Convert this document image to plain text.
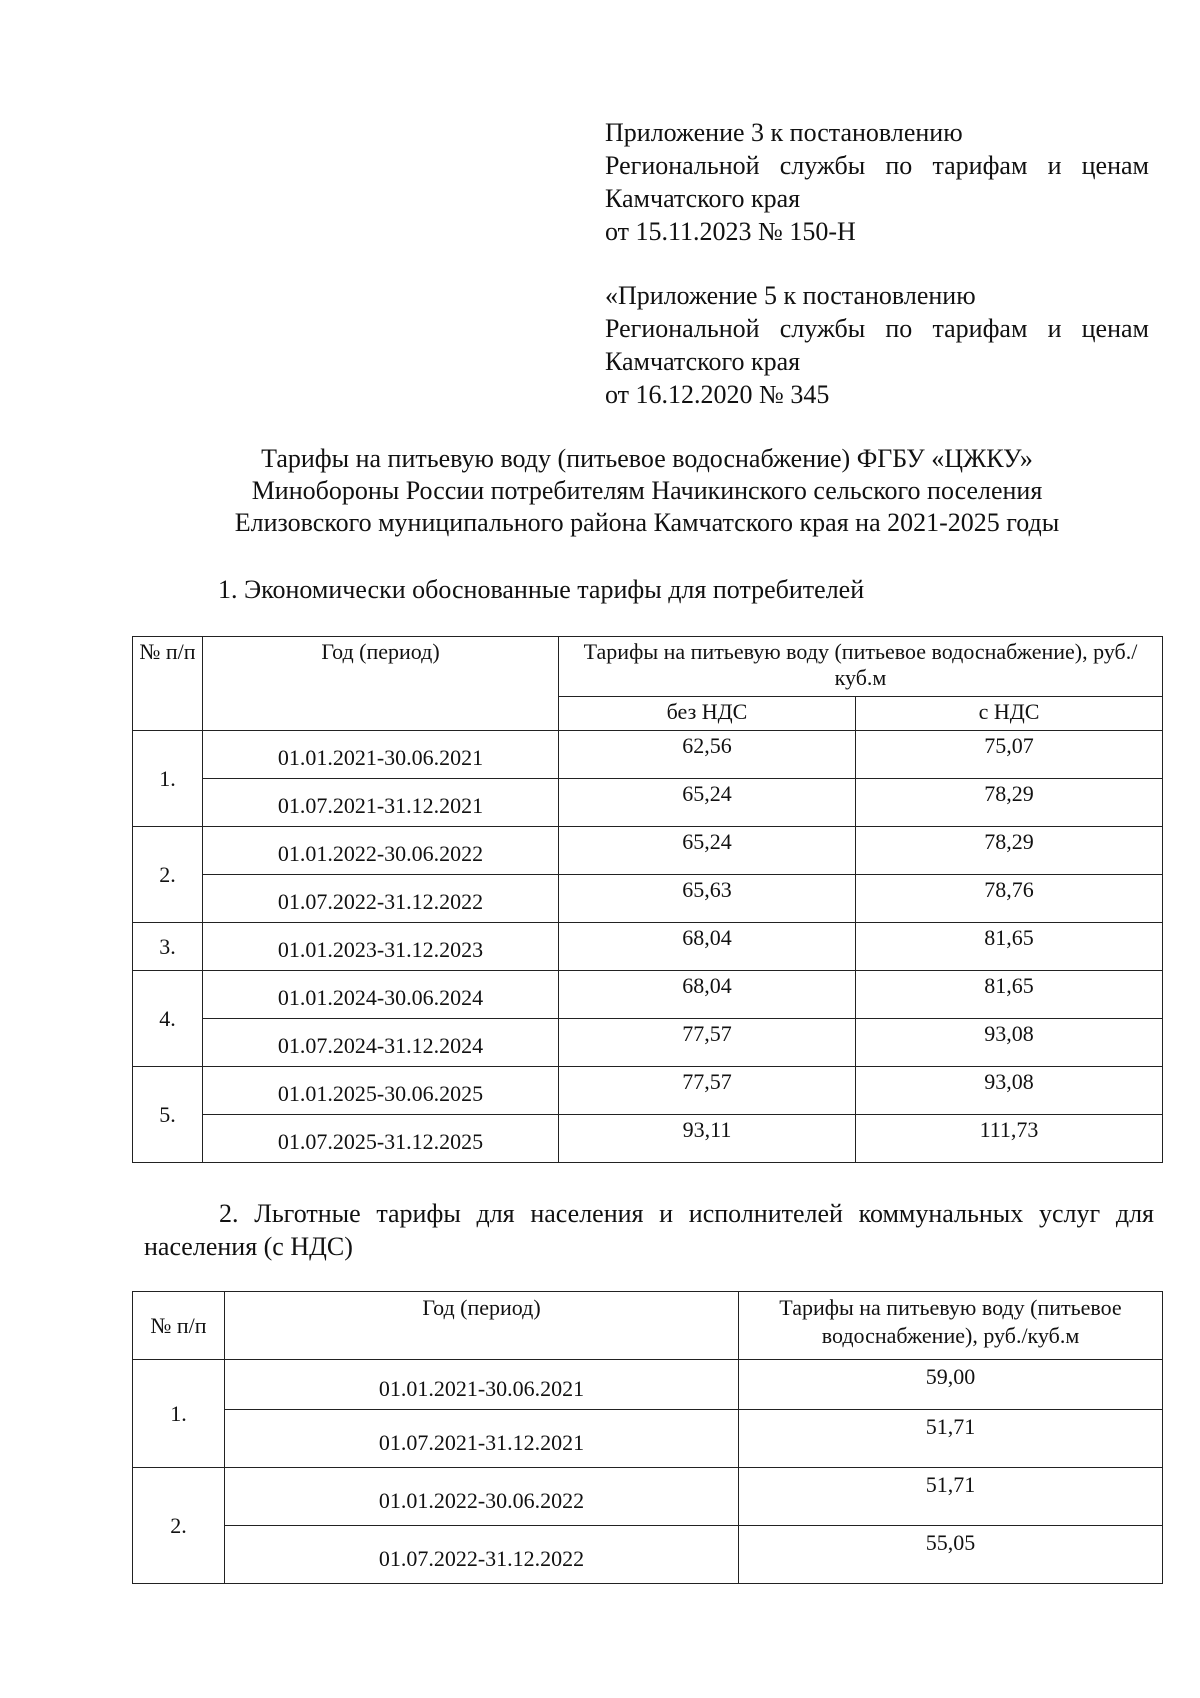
Приложение 3 к постановлению
Региональной службы по тарифам и ценам
Камчатского края
от 15.11.2023 № 150-Н
«Приложение 5 к постановлению
Региональной службы по тарифам и ценам
Камчатского края
от 16.12.2020 № 345
Тарифы на питьевую воду (питьевое водоснабжение) ФГБУ «ЦЖКУ»
Минобороны России потребителям Начикинского сельского поселения
Елизовского муниципального района Камчатского края на 2021-2025 годы
1. Экономически обоснованные тарифы для потребителей
№ п/п	Год (период)	Тарифы на питьевую воду (питьевое водоснабжение), руб./куб.м	
		без НДС	с НДС
1.	01.01.2021-30.06.2021	62,56	75,07
	01.07.2021-31.12.2021	65,24	78,29
2.	01.01.2022-30.06.2022	65,24	78,29
	01.07.2022-31.12.2022	65,63	78,76
3.	01.01.2023-31.12.2023	68,04	81,65
4.	01.01.2024-30.06.2024	68,04	81,65
	01.07.2024-31.12.2024	77,57	93,08
5.	01.01.2025-30.06.2025	77,57	93,08
	01.07.2025-31.12.2025	93,11	111,73
2. Льготные тарифы для населения и исполнителей коммунальных услуг для
населения (с НДС)
№ п/п	Год (период)	Тарифы на питьевую воду (питьевое водоснабжение), руб./куб.м
1.	01.01.2021-30.06.2021	59,00
	01.07.2021-31.12.2021	51,71
2.	01.01.2022-30.06.2022	51,71
	01.07.2022-31.12.2022	55,05
